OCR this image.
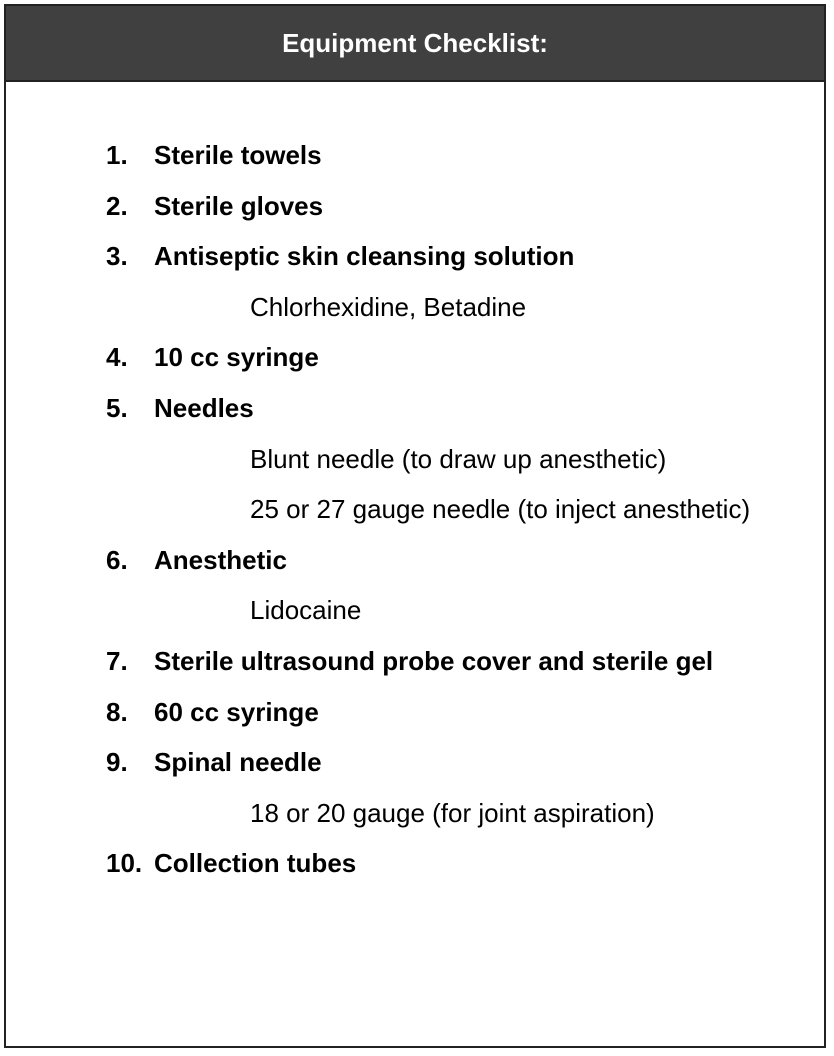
Equipment Checklist:
1. Sterile towels
2. Sterile gloves
3. Antiseptic skin cleansing solution
Chlorhexidine, Betadine
4. 10 cc syringe
5. Needles
Blunt needle (to draw up anesthetic)
25 or 27 gauge needle (to inject anesthetic)
6. Anesthetic
Lidocaine
7. Sterile ultrasound probe cover and sterile gel
8. 60 cc syringe
9. Spinal needle
18 or 20 gauge (for joint aspiration)
10. Collection tubes
